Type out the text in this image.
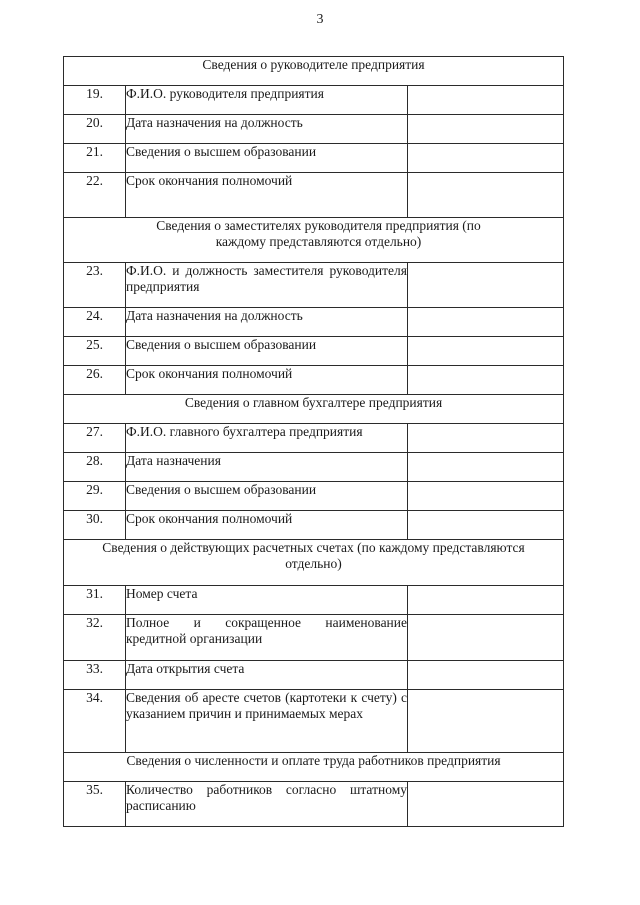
3
Сведения о руководителе предприятия		
19.	Ф.И.О. руководителя предприятия	
20.	Дата назначения на должность	
21.	Сведения о высшем образовании	
22.	Срок окончания полномочий	
Сведения о заместителях руководителя предприятия (по каждому представляются отдельно)		
23.	Ф.И.О. и должность заместителя руководителя предприятия	
24.	Дата назначения на должность	
25.	Сведения о высшем образовании	
26.	Срок окончания полномочий	
Сведения о главном бухгалтере предприятия		
27.	Ф.И.О. главного бухгалтера предприятия	
28.	Дата назначения	
29.	Сведения о высшем образовании	
30.	Срок окончания полномочий	
Сведения о действующих расчетных счетах (по каждому представляются отдельно)		
31.	Номер счета	
32.	Полное и сокращенное наименование кредитной организации	
33.	Дата открытия счета	
34.	Сведения об аресте счетов (картотеки к счету) с указанием причин и принимаемых мерах	
Сведения о численности и оплате труда работников предприятия		
35.	Количество работников согласно штатному расписанию	
